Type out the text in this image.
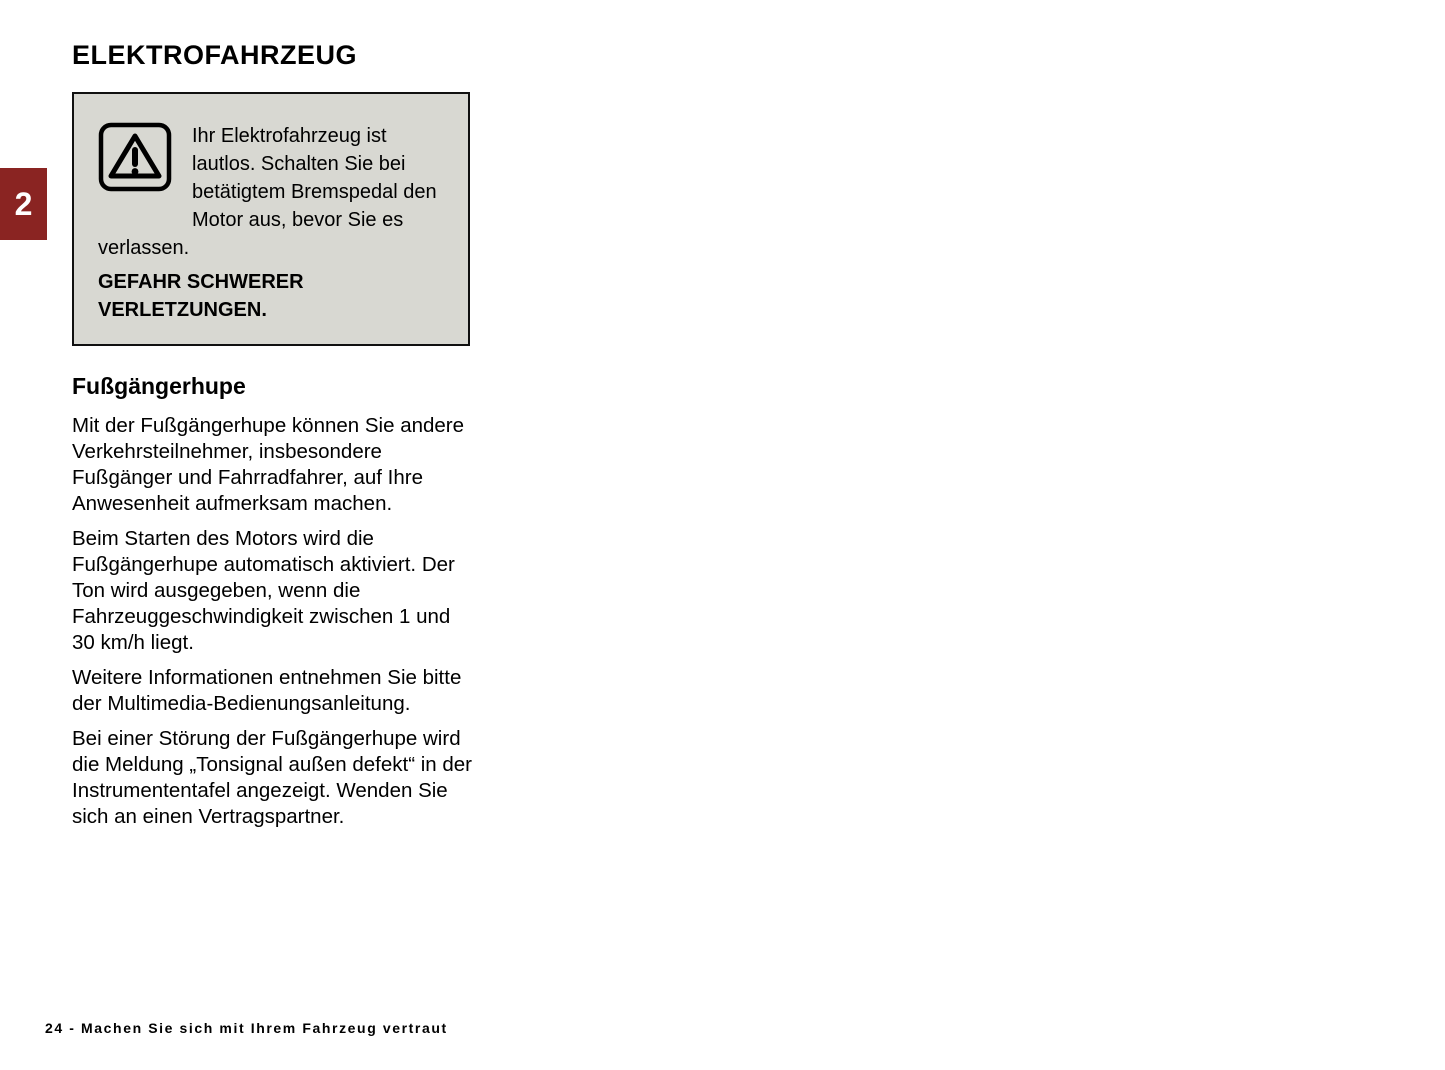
2
ELEKTROFAHRZEUG
Ihr Elektrofahrzeug ist lautlos. Schalten Sie bei betätigtem Bremspedal den Motor aus, bevor Sie es verlassen.
GEFAHR SCHWERER VERLETZUNGEN.
Fußgängerhupe

Mit der Fußgängerhupe können Sie andere Verkehrsteilnehmer, insbesondere Fußgänger und Fahrradfahrer, auf Ihre Anwesenheit aufmerksam machen.

Beim Starten des Motors wird die Fußgängerhupe automatisch aktiviert. Der Ton wird ausgegeben, wenn die Fahrzeuggeschwindigkeit zwischen 1 und 30 km/h liegt.

Weitere Informationen entnehmen Sie bitte der Multimedia-Bedienungsanleitung.

Bei einer Störung der Fußgängerhupe wird die Meldung „Tonsignal außen defekt“ in der Instrumententafel angezeigt. Wenden Sie sich an einen Vertragspartner.

24 - Machen Sie sich mit Ihrem Fahrzeug vertraut
